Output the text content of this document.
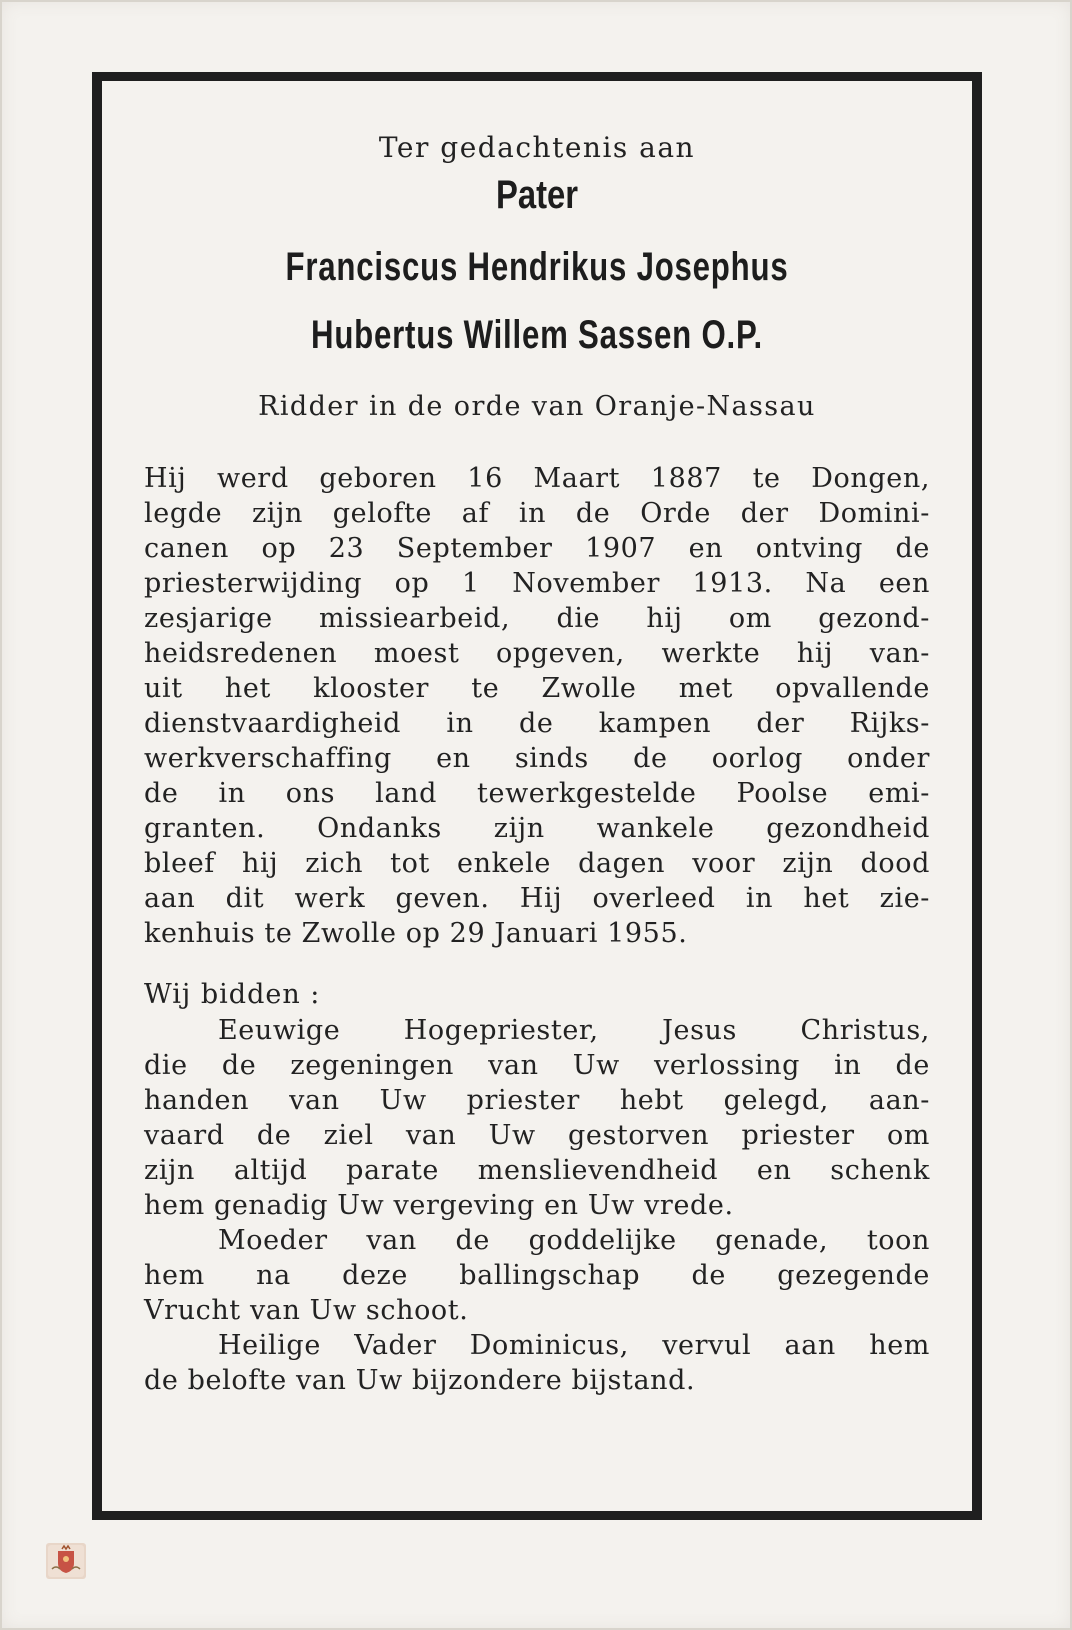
Ter gedachtenis aan
Pater
Franciscus Hendrikus Josephus
Hubertus Willem Sassen O.P.
Ridder in de orde van Oranje-Nassau
Hij werd geboren 16 Maart 1887 te Dongen,
legde zijn gelofte af in de Orde der Domini-
canen op 23 September 1907 en ontving de
priesterwijding op 1 November 1913. Na een
zesjarige missiearbeid, die hij om gezond-
heidsredenen moest opgeven, werkte hij van-
uit het klooster te Zwolle met opvallende
dienstvaardigheid in de kampen der Rijks-
werkverschaffing en sinds de oorlog onder
de in ons land tewerkgestelde Poolse emi-
granten. Ondanks zijn wankele gezondheid
bleef hij zich tot enkele dagen voor zijn dood
aan dit werk geven. Hij overleed in het zie-
kenhuis te Zwolle op 29 Januari 1955.
Wij bidden :
Eeuwige Hogepriester, Jesus Christus,
die de zegeningen van Uw verlossing in de
handen van Uw priester hebt gelegd, aan-
vaard de ziel van Uw gestorven priester om
zijn altijd parate menslievendheid en schenk
hem genadig Uw vergeving en Uw vrede.
Moeder van de goddelijke genade, toon
hem na deze ballingschap de gezegende
Vrucht van Uw schoot.
Heilige Vader Dominicus, vervul aan hem
de belofte van Uw bijzondere bijstand.
